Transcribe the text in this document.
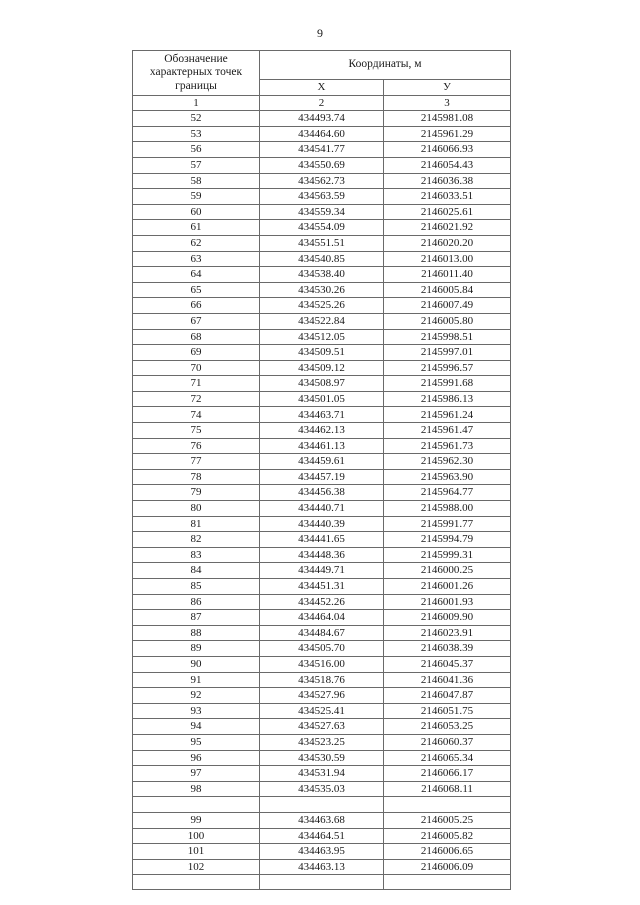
9
Обозначение характерных точек границы	Координаты, м	
	X	У
1	2	3
52	434493.74	2145981.08
53	434464.60	2145961.29
56	434541.77	2146066.93
57	434550.69	2146054.43
58	434562.73	2146036.38
59	434563.59	2146033.51
60	434559.34	2146025.61
61	434554.09	2146021.92
62	434551.51	2146020.20
63	434540.85	2146013.00
64	434538.40	2146011.40
65	434530.26	2146005.84
66	434525.26	2146007.49
67	434522.84	2146005.80
68	434512.05	2145998.51
69	434509.51	2145997.01
70	434509.12	2145996.57
71	434508.97	2145991.68
72	434501.05	2145986.13
74	434463.71	2145961.24
75	434462.13	2145961.47
76	434461.13	2145961.73
77	434459.61	2145962.30
78	434457.19	2145963.90
79	434456.38	2145964.77
80	434440.71	2145988.00
81	434440.39	2145991.77
82	434441.65	2145994.79
83	434448.36	2145999.31
84	434449.71	2146000.25
85	434451.31	2146001.26
86	434452.26	2146001.93
87	434464.04	2146009.90
88	434484.67	2146023.91
89	434505.70	2146038.39
90	434516.00	2146045.37
91	434518.76	2146041.36
92	434527.96	2146047.87
93	434525.41	2146051.75
94	434527.63	2146053.25
95	434523.25	2146060.37
96	434530.59	2146065.34
97	434531.94	2146066.17
98	434535.03	2146068.11

99	434463.68	2146005.25
100	434464.51	2146005.82
101	434463.95	2146006.65
102	434463.13	2146006.09
